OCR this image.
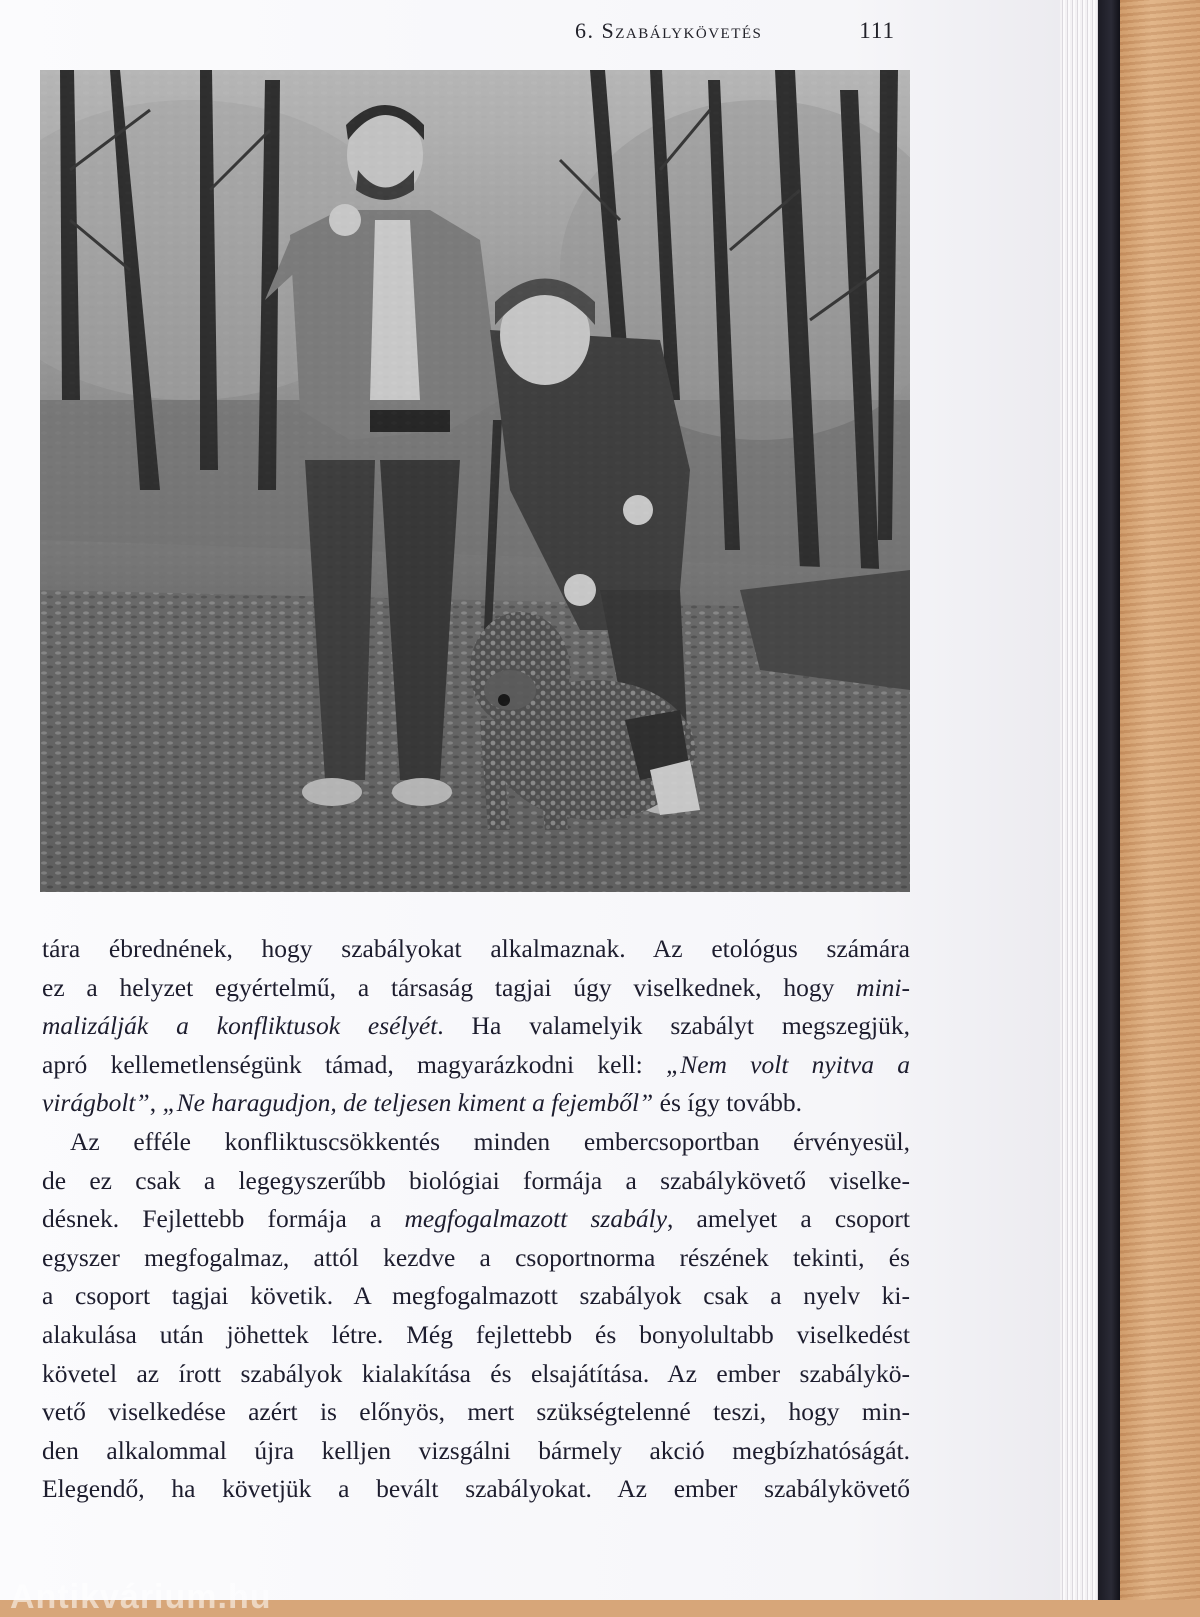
6. Szabálykövetés	111
tára ébrednének, hogy szabályokat alkalmaznak. Az etológus számára
ez a helyzet egyértelmű, a társaság tagjai úgy viselkednek, hogy mini-
malizálják a konfliktusok esélyét. Ha valamelyik szabályt megszegjük,
apró kellemetlenségünk támad, magyarázkodni kell: „Nem volt nyitva a
virágbolt”, „Ne haragudjon, de teljesen kiment a fejemből” és így tovább.
Az efféle konfliktuscsökkentés minden embercsoportban érvényesül,
de ez csak a legegyszerűbb biológiai formája a szabálykövető viselke-
désnek. Fejlettebb formája a megfogalmazott szabály, amelyet a csoport
egyszer megfogalmaz, attól kezdve a csoportnorma részének tekinti, és
a csoport tagjai követik. A megfogalmazott szabályok csak a nyelv ki-
alakulása után jöhettek létre. Még fejlettebb és bonyolultabb viselkedést
követel az írott szabályok kialakítása és elsajátítása. Az ember szabálykö-
vető viselkedése azért is előnyös, mert szükségtelenné teszi, hogy min-
den alkalommal újra kelljen vizsgálni bármely akció megbízhatóságát.
Elegendő, ha követjük a bevált szabályokat. Az ember szabálykövető
Antikvárium.hu
